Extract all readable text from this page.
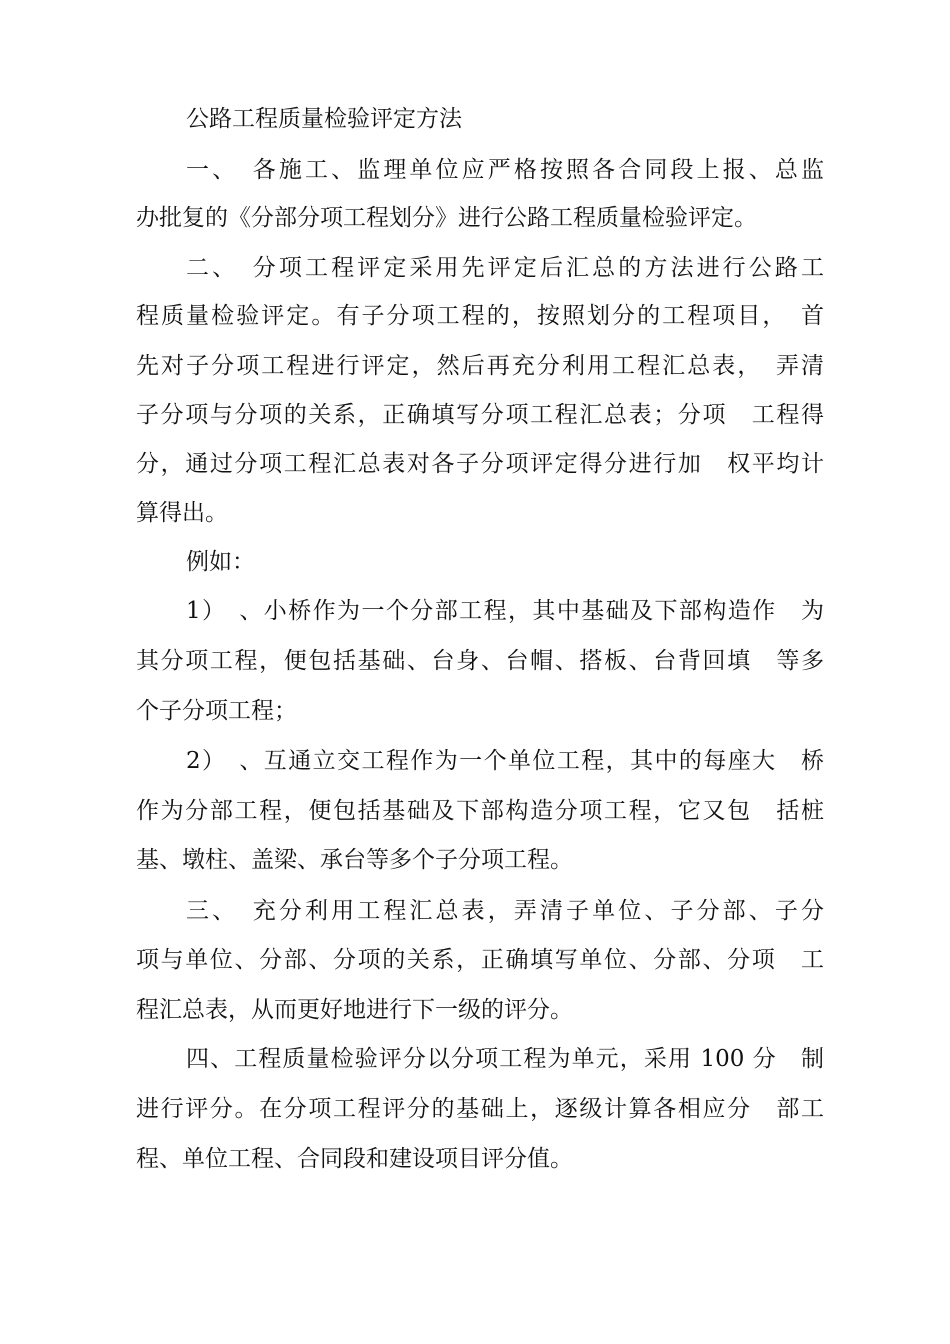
公路工程质量检验评定方法
一、　各施工、监理单位应严格按照各合同段上报、总监
办批复的《分部分项工程划分》进行公路工程质量检验评定。
二、　分项工程评定采用先评定后汇总的方法进行公路工
程质量检验评定。有子分项工程的，按照划分的工程项目，　首
先对子分项工程进行评定，然后再充分利用工程汇总表，　弄清
子分项与分项的关系，正确填写分项工程汇总表；分项　工程得
分，通过分项工程汇总表对各子分项评定得分进行加　权平均计
算得出。
例如：
1）　、小桥作为一个分部工程，其中基础及下部构造作　为
其分项工程，便包括基础、台身、台帽、搭板、台背回填　等多
个子分项工程；
2）　、互通立交工程作为一个单位工程，其中的每座大　桥
作为分部工程，便包括基础及下部构造分项工程，它又包　括桩
基、墩柱、盖梁、承台等多个子分项工程。
三、　充分利用工程汇总表，弄清子单位、子分部、子分
项与单位、分部、分项的关系，正确填写单位、分部、分项　工
程汇总表，从而更好地进行下一级的评分。
四、工程质量检验评分以分项工程为单元，采用 100 分　制
进行评分。在分项工程评分的基础上，逐级计算各相应分　部工
程、单位工程、合同段和建设项目评分值。
